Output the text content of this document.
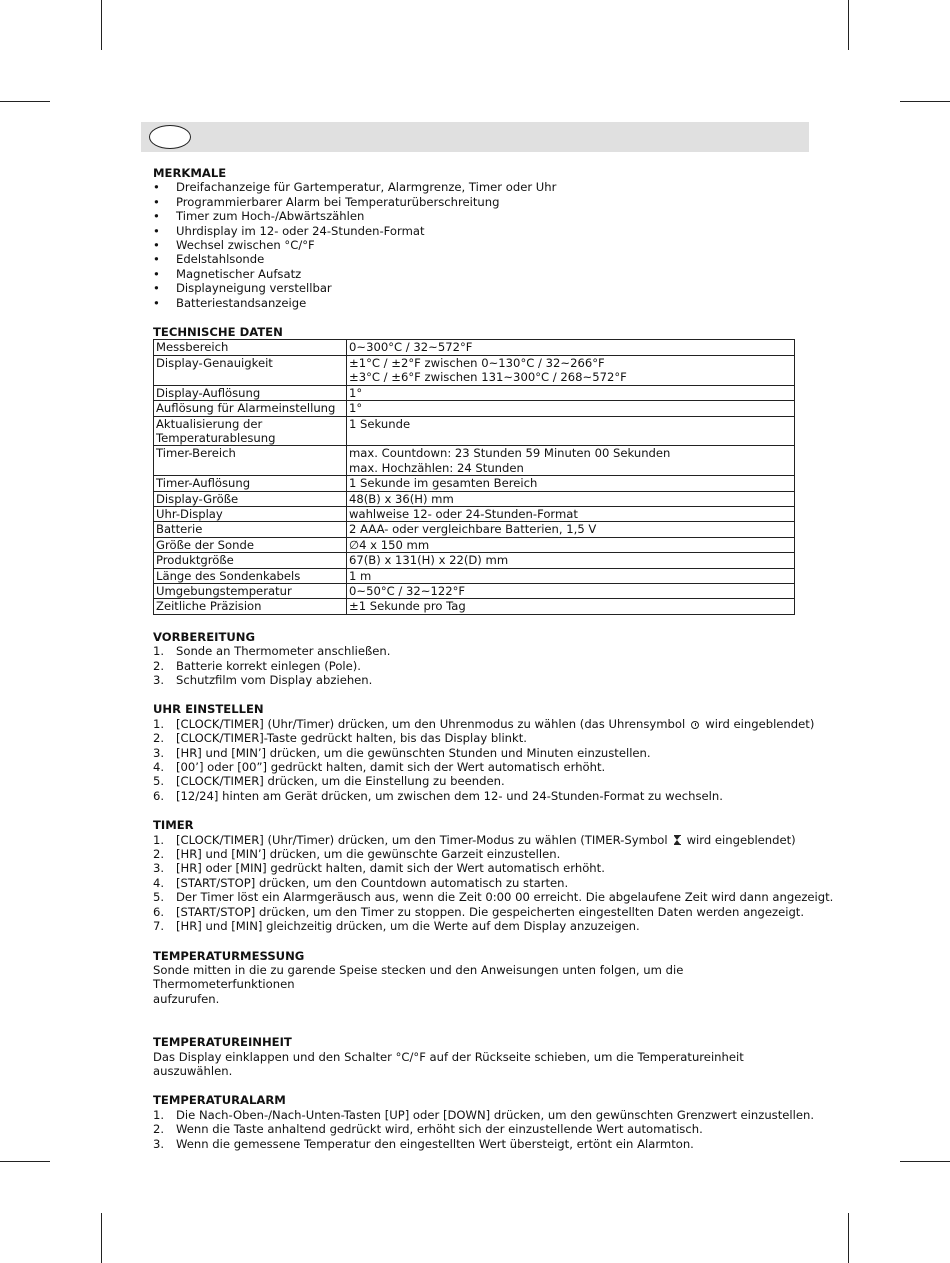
MERKMALE
• Dreifachanzeige für Gartemperatur, Alarmgrenze, Timer oder Uhr
• Programmierbarer Alarm bei Temperaturüberschreitung
• Timer zum Hoch-/Abwärtszählen
• Uhrdisplay im 12- oder 24-Stunden-Format
• Wechsel zwischen °C/°F
• Edelstahlsonde
• Magnetischer Aufsatz
• Displayneigung verstellbar
• Batteriestandsanzeige
TECHNISCHE DATEN
Messbereich	0~300°C / 32~572°F
Display-Genauigkeit	±1°C / ±2°F zwischen 0~130°C / 32~266°F
±3°C / ±6°F zwischen 131~300°C / 268~572°F

Display-Auflösung	1°
Auflösung für Alarmeinstellung	1°

Aktualisierung der
Temperaturablesung	1 Sekunde
Timer-Bereich	max. Countdown: 23 Stunden 59 Minuten 00 Sekunden
max. Hochzählen: 24 Stunden

Timer-Auflösung	1 Sekunde im gesamten Bereich
Display-Größe	48(B) x 36(H) mm
Uhr-Display	wahlweise 12- oder 24-Stunden-Format
Batterie	2 AAA- oder vergleichbare Batterien, 1,5 V
Größe der Sonde	∅4 x 150 mm
Produktgröße	67(B) x 131(H) x 22(D) mm
Länge des Sondenkabels	1 m
Umgebungstemperatur	0~50°C / 32~122°F
Zeitliche Präzision	±1 Sekunde pro Tag
VORBEREITUNG
1. Sonde an Thermometer anschließen.
2. Batterie korrekt einlegen (Pole).
3. Schutzfilm vom Display abziehen.
UHR EINSTELLEN
1. [CLOCK/TIMER] (Uhr/Timer) drücken, um den Uhrenmodus zu wählen (das Uhrensymbol wird eingeblendet)
2. [CLOCK/TIMER]-Taste gedrückt halten, bis das Display blinkt.
3. [HR] und [MIN’] drücken, um die gewünschten Stunden und Minuten einzustellen.
4. [00’] oder [00”] gedrückt halten, damit sich der Wert automatisch erhöht.
5. [CLOCK/TIMER] drücken, um die Einstellung zu beenden.
6. [12/24] hinten am Gerät drücken, um zwischen dem 12- und 24-Stunden-Format zu wechseln.
TIMER
1. [CLOCK/TIMER] (Uhr/Timer) drücken, um den Timer-Modus zu wählen (TIMER-Symbol wird eingeblendet)
2. [HR] und [MIN’] drücken, um die gewünschte Garzeit einzustellen.
3. [HR] oder [MIN] gedrückt halten, damit sich der Wert automatisch erhöht.
4. [START/STOP] drücken, um den Countdown automatisch zu starten.
5. Der Timer löst ein Alarmgeräusch aus, wenn die Zeit 0:00 00 erreicht. Die abgelaufene Zeit wird dann angezeigt.
6. [START/STOP] drücken, um den Timer zu stoppen. Die gespeicherten eingestellten Daten werden angezeigt.
7. [HR] und [MIN] gleichzeitig drücken, um die Werte auf dem Display anzuzeigen.
TEMPERATURMESSUNG

Sonde mitten in die zu garende Speise stecken und den Anweisungen unten folgen, um die Thermometerfunktionen

aufzurufen.

TEMPERATUREINHEIT

Das Display einklappen und den Schalter °C/°F auf der Rückseite schieben, um die Temperatureinheit auszuwählen.

TEMPERATURALARM
1. Die Nach-Oben-/Nach-Unten-Tasten [UP] oder [DOWN] drücken, um den gewünschten Grenzwert einzustellen.
2. Wenn die Taste anhaltend gedrückt wird, erhöht sich der einzustellende Wert automatisch.
3. Wenn die gemessene Temperatur den eingestellten Wert übersteigt, ertönt ein Alarmton.
